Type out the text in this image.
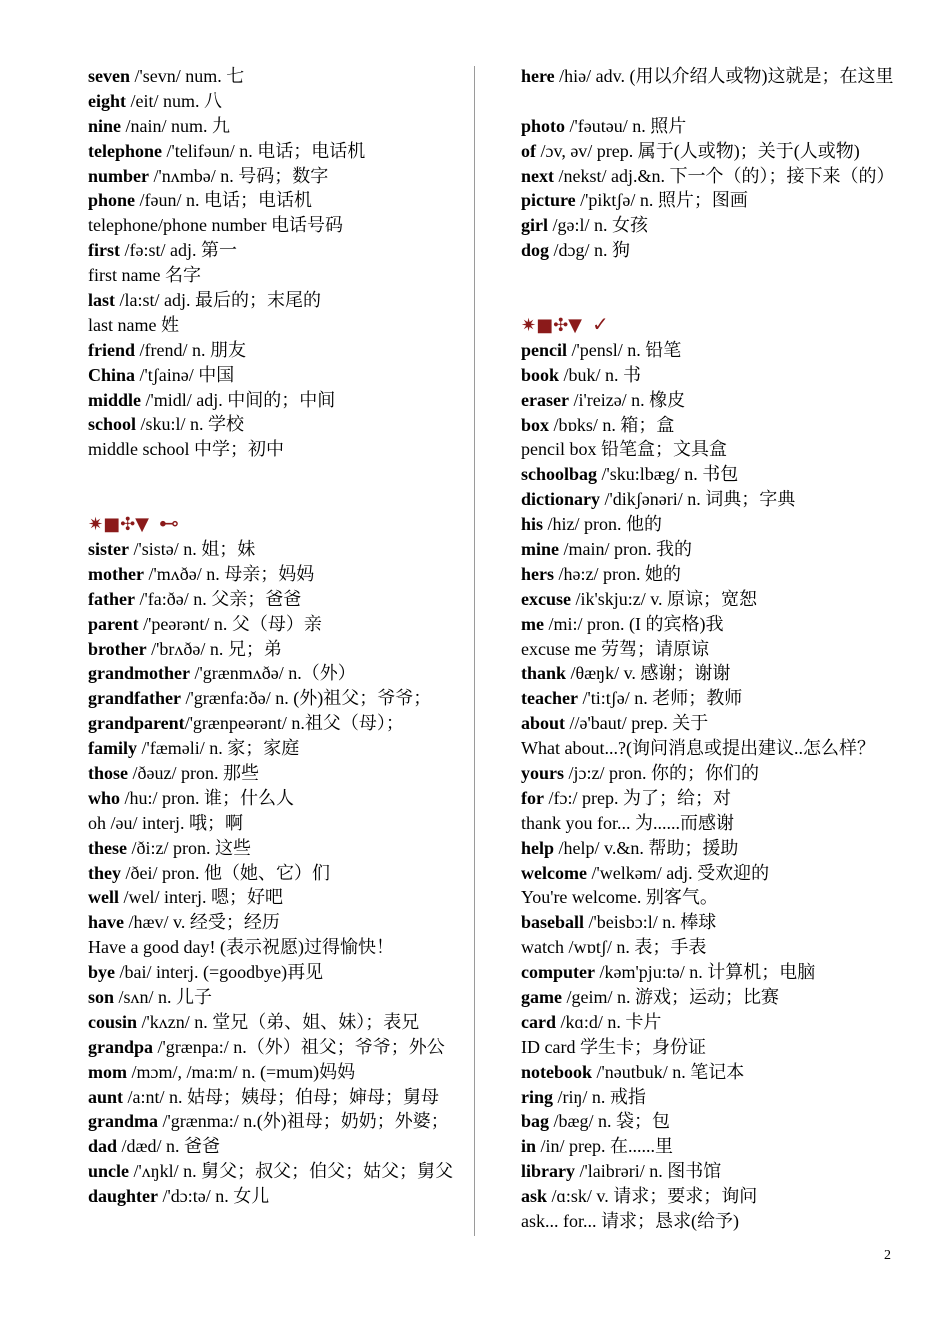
seven /'sevn/ num. 七
eight /eit/ num. 八
nine /nain/ num. 九
telephone /'telifəun/ n. 电话；电话机
number /'nʌmbə/ n. 号码；数字
phone /fəun/ n. 电话；电话机
telephone/phone number 电话号码
first /fə:st/ adj. 第一
first name 名字
last /la:st/ adj. 最后的；末尾的
last name 姓
friend /frend/ n. 朋友
China /'tʃainə/ 中国
middle /'midl/ adj. 中间的；中间
school /sku:l/ n. 学校
middle school 中学；初中
✷■✣▼ ⊷
sister /'sistə/ n. 姐；妹
mother /'mʌðə/ n. 母亲；妈妈
father /'fa:ðə/ n. 父亲；爸爸
parent /'peərənt/ n. 父（母）亲
brother /'brʌðə/ n. 兄；弟
grandmother /'grænmʌðə/ n.（外）
grandfather /'grænfa:ðə/ n. (外)祖父；爷爷；
grandparent/'grænpeərənt/ n.祖父（母）；
family /'fæməli/ n. 家；家庭
those /ðəuz/ pron. 那些
who /hu:/ pron. 谁；什么人
oh /əu/ interj. 哦；啊
these /ði:z/ pron. 这些
they /ðei/ pron. 他（她、它）们
well /wel/ interj. 嗯；好吧
have /hæv/ v. 经受；经历
Have a good day! (表示祝愿)过得愉快！
bye /bai/ interj. (=goodbye)再见
son /sʌn/ n. 儿子
cousin /'kʌzn/ n. 堂兄（弟、姐、妹）；表兄
grandpa /'grænpa:/ n.（外）祖父；爷爷；外公
mom /mɔm/, /ma:m/ n. (=mum)妈妈
aunt /a:nt/ n. 姑母；姨母；伯母；婶母；舅母
grandma /'grænma:/ n.(外)祖母；奶奶；外婆；
dad /dæd/ n. 爸爸
uncle /'ʌŋkl/ n. 舅父；叔父；伯父；姑父；舅父
daughter /'dɔ:tə/ n. 女儿
here /hiə/ adv. (用以介绍人或物)这就是；在这里
photo /'fəutəu/ n. 照片
of /ɔv, əv/ prep. 属于(人或物)；关于(人或物)
next /nekst/ adj.&n. 下一个（的）；接下来（的）
picture /'piktʃə/ n. 照片；图画
girl /gə:l/ n. 女孩
dog /dɔg/ n. 狗
✷■✣▼ ✓
pencil /'pensl/ n. 铅笔
book /buk/ n. 书
eraser /i'reizə/ n. 橡皮
box /bɒks/ n. 箱；盒
pencil box 铅笔盒；文具盒
schoolbag /'sku:lbæg/ n. 书包
dictionary /'dikʃənəri/ n. 词典；字典
his /hiz/ pron. 他的
mine /main/ pron. 我的
hers /hə:z/ pron. 她的
excuse /ik'skju:z/ v. 原谅；宽恕
me /mi:/ pron. (I 的宾格)我
excuse me 劳驾；请原谅
thank /θæŋk/ v. 感谢；谢谢
teacher /'ti:tʃə/ n. 老师；教师
about //ə'baut/ prep. 关于
What about...?(询问消息或提出建议..怎么样？
yours /jɔ:z/ pron. 你的；你们的
for /fɔ:/ prep. 为了；给；对
thank you for... 为......而感谢
help /help/ v.&n. 帮助；援助
welcome /'welkəm/ adj. 受欢迎的
You're welcome. 别客气。
baseball /'beisbɔ:l/ n. 棒球
watch /wɒtʃ/ n. 表；手表
computer /kəm'pju:tə/ n. 计算机；电脑
game /geim/ n. 游戏；运动；比赛
card /kɑ:d/ n. 卡片
ID card 学生卡；身份证
notebook /'nəutbuk/ n. 笔记本
ring /riŋ/ n. 戒指
bag /bæg/ n. 袋；包
in /in/ prep. 在......里
library /'laibrəri/ n. 图书馆
ask /ɑ:sk/ v. 请求；要求；询问
ask... for... 请求；恳求(给予)
2
